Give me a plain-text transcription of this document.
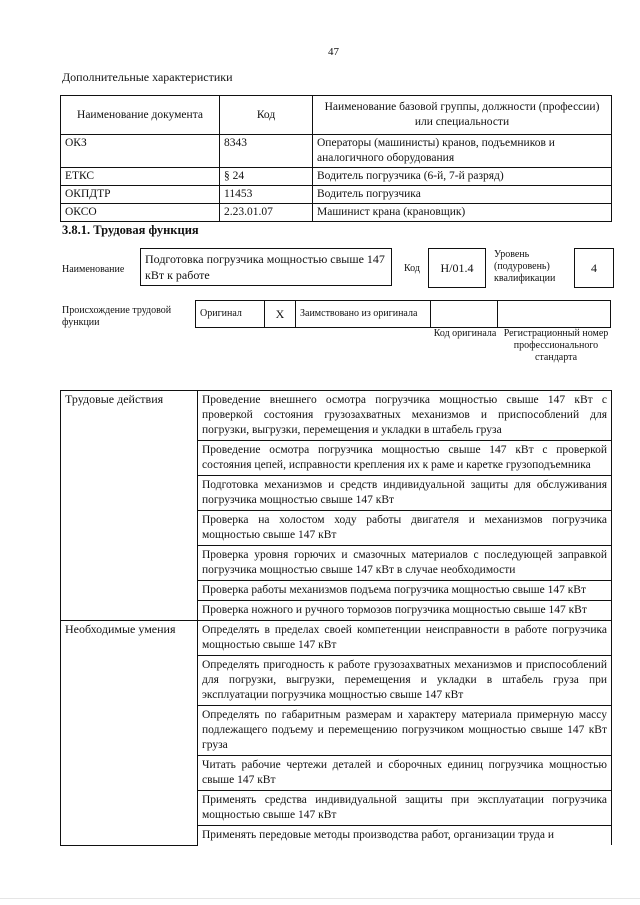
47
Дополнительные характеристики
Наименование документа	Код	Наименование базовой группы, должности (профессии) или специальности
ОКЗ	8343	Операторы (машинисты) кранов, подъемников и аналогичного оборудования
ЕТКС	§ 24	Водитель погрузчика (6-й, 7-й разряд)
ОКПДТР	11453	Водитель погрузчика
ОКСО	2.23.01.07	Машинист крана (крановщик)
3.8.1. Трудовая функция
Наименование
Подготовка погрузчика мощностью свыше 147 кВт к работе	Код	H/01.4
Уровень (подуровень) квалификации
4
Происхождение трудовой функции
Оригинал	X	Заимствовано из оригинала		
Код оригинала Регистрационный номер профессионального стандарта
Трудовые действия	Проведение внешнего осмотра погрузчика мощностью свыше 147 кВт с проверкой состояния грузозахватных механизмов и приспособлений для погрузки, выгрузки, перемещения и укладки в штабель груза
	Проведение осмотра погрузчика мощностью свыше 147 кВт с проверкой состояния цепей, исправности крепления их к раме и каретке грузоподъемника
	Подготовка механизмов и средств индивидуальной защиты для обслуживания погрузчика мощностью свыше 147 кВт
	Проверка на холостом ходу работы двигателя и механизмов погрузчика мощностью свыше 147 кВт
	Проверка уровня горючих и смазочных материалов с последующей заправкой погрузчика мощностью свыше 147 кВт в случае необходимости
	Проверка работы механизмов подъема погрузчика мощностью свыше 147 кВт
	Проверка ножного и ручного тормозов погрузчика мощностью свыше 147 кВт
Необходимые умения	Определять в пределах своей компетенции неисправности в работе погрузчика мощностью свыше 147 кВт
	Определять пригодность к работе грузозахватных механизмов и приспособлений для погрузки, выгрузки, перемещения и укладки в штабель груза при эксплуатации погрузчика мощностью свыше 147 кВт
	Определять по габаритным размерам и характеру материала примерную массу подлежащего подъему и перемещению погрузчиком мощностью свыше 147 кВт груза
	Читать рабочие чертежи деталей и сборочных единиц погрузчика мощностью свыше 147 кВт
	Применять средства индивидуальной защиты при эксплуатации погрузчика мощностью свыше 147 кВт
	Применять передовые методы производства работ, организации труда и
